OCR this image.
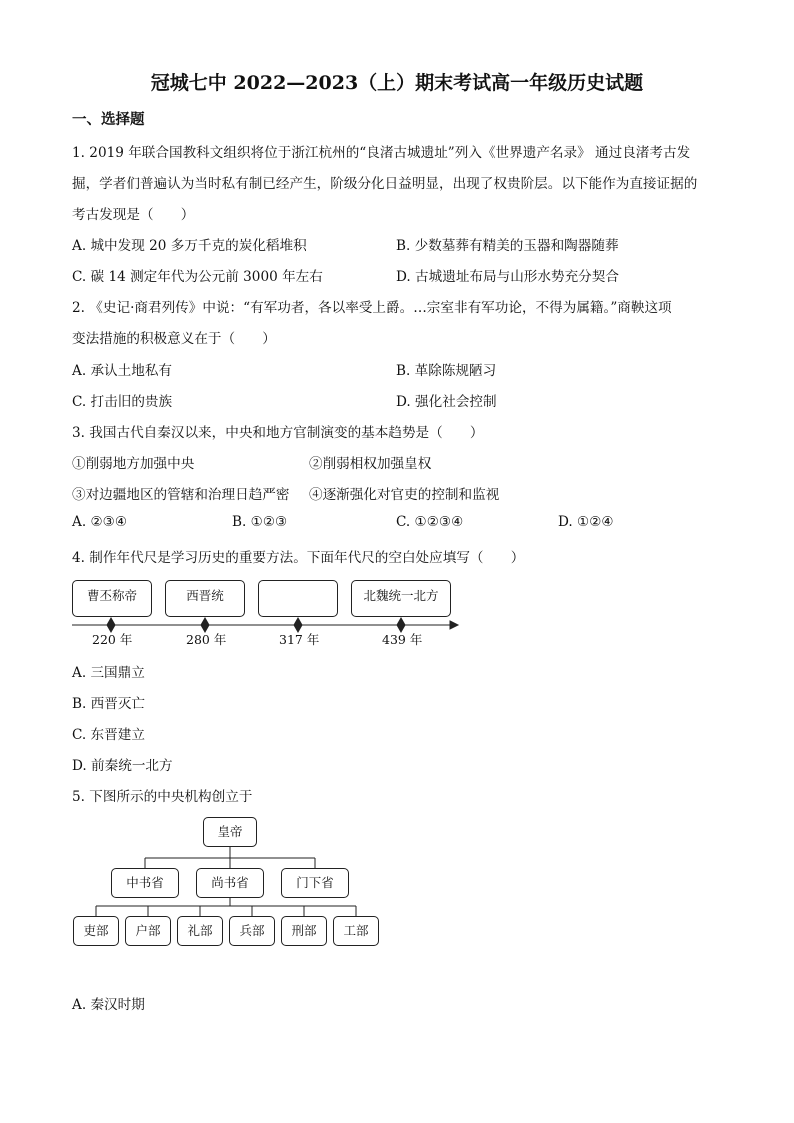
冠城七中 2022—2023（上）期末考试高一年级历史试题
一、选择题
1. 2019 年联合国教科文组织将位于浙江杭州的“良渚古城遗址”列入《世界遗产名录》 通过良渚考古发
掘，学者们普遍认为当时私有制已经产生，阶级分化日益明显，出现了权贵阶层。以下能作为直接证据的
考古发现是（　　）
A. 城中发现 20 多万千克的炭化稻堆积	B. 少数墓葬有精美的玉器和陶器随葬
C. 碳 14 测定年代为公元前 3000 年左右	D. 古城遗址布局与山形水势充分契合
2. 《史记·商君列传》中说：“有军功者，各以率受上爵。…宗室非有军功论，不得为属籍。”商鞅这项
变法措施的积极意义在于（　　）
A. 承认土地私有	B. 革除陈规陋习
C. 打击旧的贵族	D. 强化社会控制
3. 我国古代自秦汉以来，中央和地方官制演变的基本趋势是（　　）
①削弱地方加强中央	②削弱相权加强皇权
③对边疆地区的管辖和治理日趋严密 ④逐渐强化对官吏的控制和监视
A. ②③④	B. ①②③	C. ①②③④	D. ①②④
4. 制作年代尺是学习历史的重要方法。下面年代尺的空白处应填写（　　）
曹丕称帝	西晋统	北魏统一北方
220 年	280 年	317 年	439 年
A. 三国鼎立
B. 西晋灭亡
C. 东晋建立
D. 前秦统一北方
5. 下图所示的中央机构创立于
皇帝
中书省	尚书省	门下省
吏部	户部	礼部	兵部	刑部	工部
A. 秦汉时期
